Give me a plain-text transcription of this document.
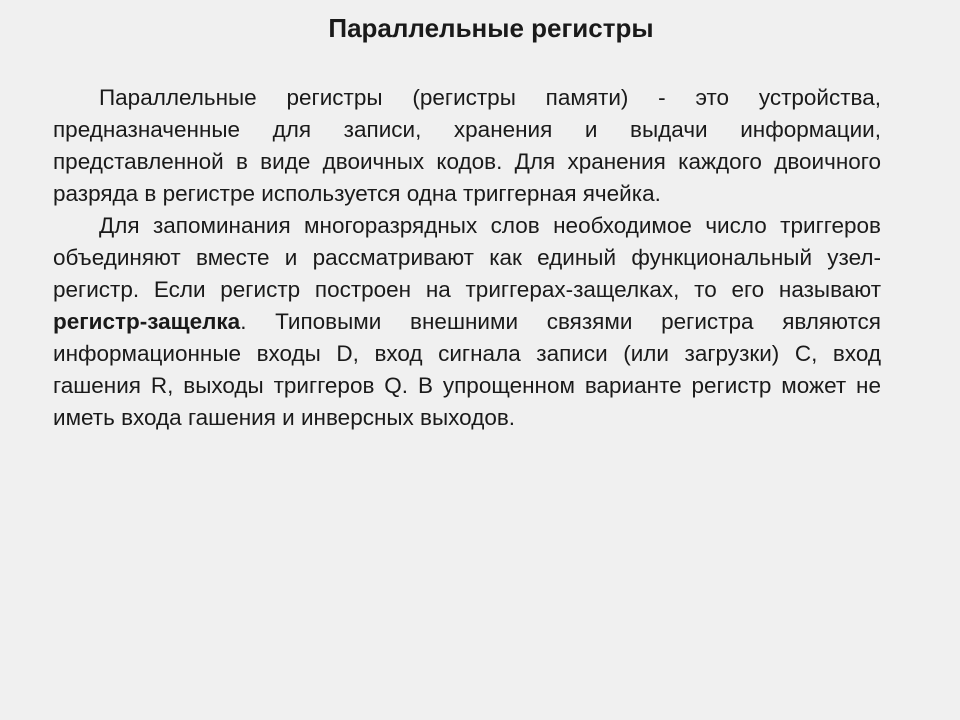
Параллельные регистры

Параллельные регистры (регистры памяти) - это устройства, предназначенные для записи, хранения и выдачи информации, представленной в виде двоичных кодов. Для хранения каждого двоичного разряда в регистре используется одна триггерная ячейка.

Для запоминания многоразрядных слов необходимое число триггеров объединяют вместе и рассматривают как единый функциональный узел-регистр. Если регистр построен на триггерах-защелках, то его называют регистр-защелка. Типовыми внешними связями регистра являются информационные входы D, вход сигнала записи (или загрузки) C, вход гашения R, выходы триггеров Q. В упрощенном варианте регистр может не иметь входа гашения и инверсных выходов.
